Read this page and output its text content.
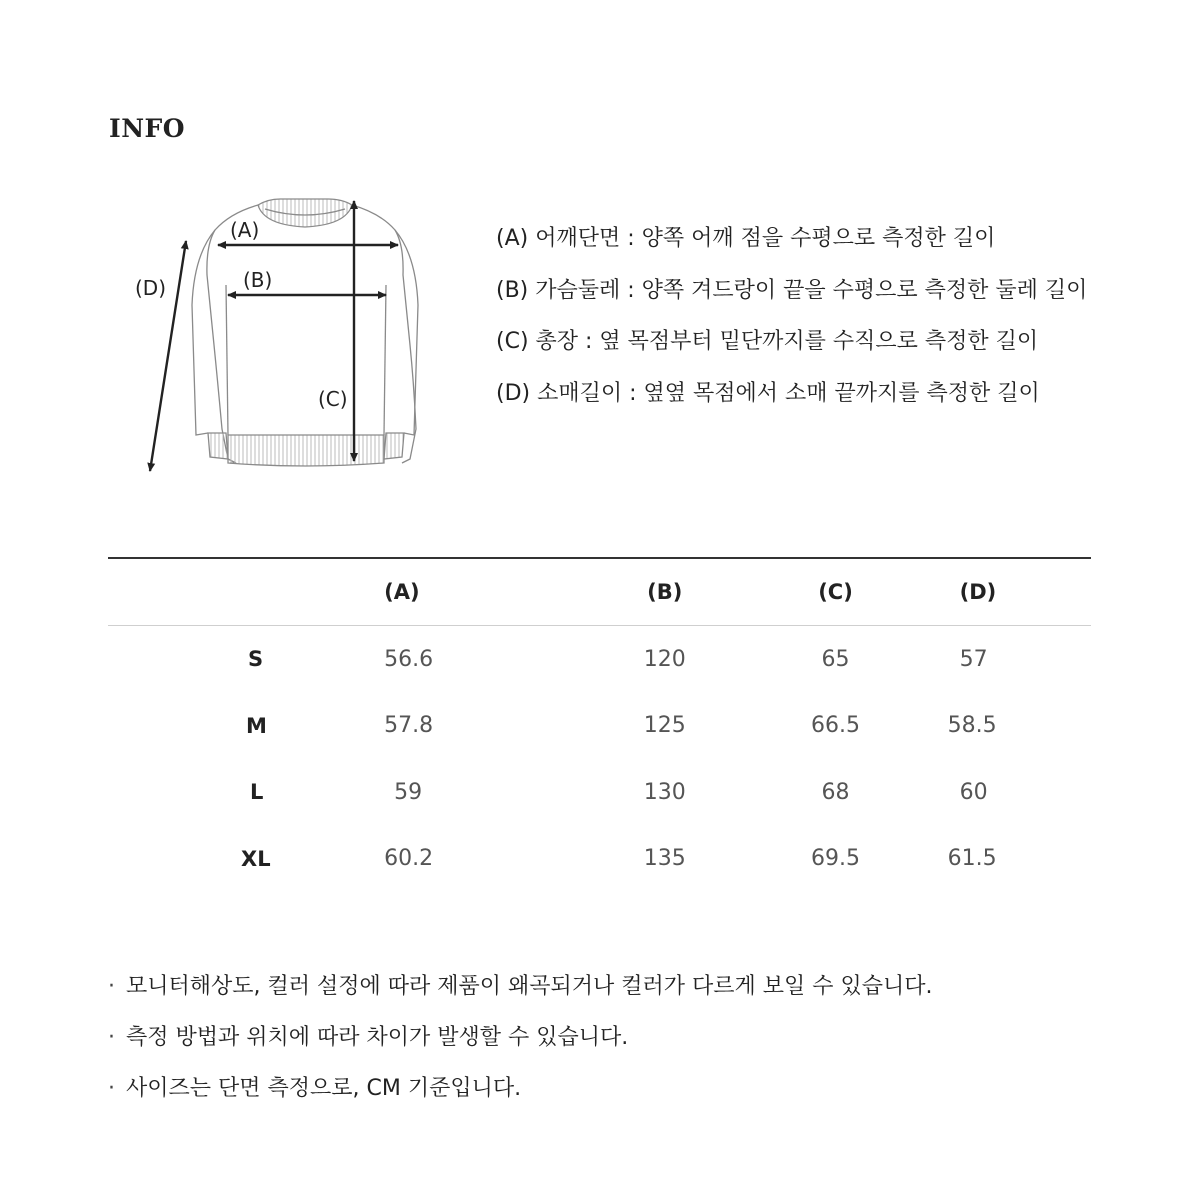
INFO
(A)
(B)
(C)
(D)
(A) 어깨단면 : 양쪽 어깨 점을 수평으로 측정한 길이
(B) 가슴둘레 : 양쪽 겨드랑이 끝을 수평으로 측정한 둘레 길이
(C) 총장 : 옆 목점부터 밑단까지를 수직으로 측정한 길이
(D) 소매길이 : 옆옆 목점에서 소매 끝까지를 측정한 길이
	(A)	(B)	(C)	(D)
S	56.6	120	65	57
M	57.8	125	66.5	58.5
L	59	130	68	60
XL	60.2	135	69.5	61.5
· 모니터해상도, 컬러 설정에 따라 제품이 왜곡되거나 컬러가 다르게 보일 수 있습니다.
· 측정 방법과 위치에 따라 차이가 발생할 수 있습니다.
· 사이즈는 단면 측정으로, CM 기준입니다.
